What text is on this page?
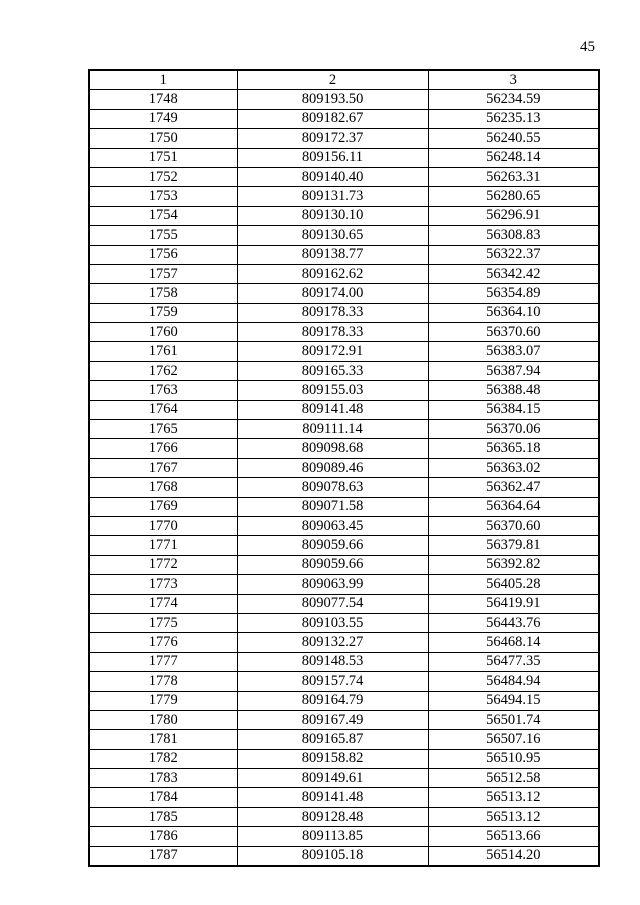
45
1	2	3
1748	809193.50	56234.59
1749	809182.67	56235.13
1750	809172.37	56240.55
1751	809156.11	56248.14
1752	809140.40	56263.31
1753	809131.73	56280.65
1754	809130.10	56296.91
1755	809130.65	56308.83
1756	809138.77	56322.37
1757	809162.62	56342.42
1758	809174.00	56354.89
1759	809178.33	56364.10
1760	809178.33	56370.60
1761	809172.91	56383.07
1762	809165.33	56387.94
1763	809155.03	56388.48
1764	809141.48	56384.15
1765	809111.14	56370.06
1766	809098.68	56365.18
1767	809089.46	56363.02
1768	809078.63	56362.47
1769	809071.58	56364.64
1770	809063.45	56370.60
1771	809059.66	56379.81
1772	809059.66	56392.82
1773	809063.99	56405.28
1774	809077.54	56419.91
1775	809103.55	56443.76
1776	809132.27	56468.14
1777	809148.53	56477.35
1778	809157.74	56484.94
1779	809164.79	56494.15
1780	809167.49	56501.74
1781	809165.87	56507.16
1782	809158.82	56510.95
1783	809149.61	56512.58
1784	809141.48	56513.12
1785	809128.48	56513.12
1786	809113.85	56513.66
1787	809105.18	56514.20
